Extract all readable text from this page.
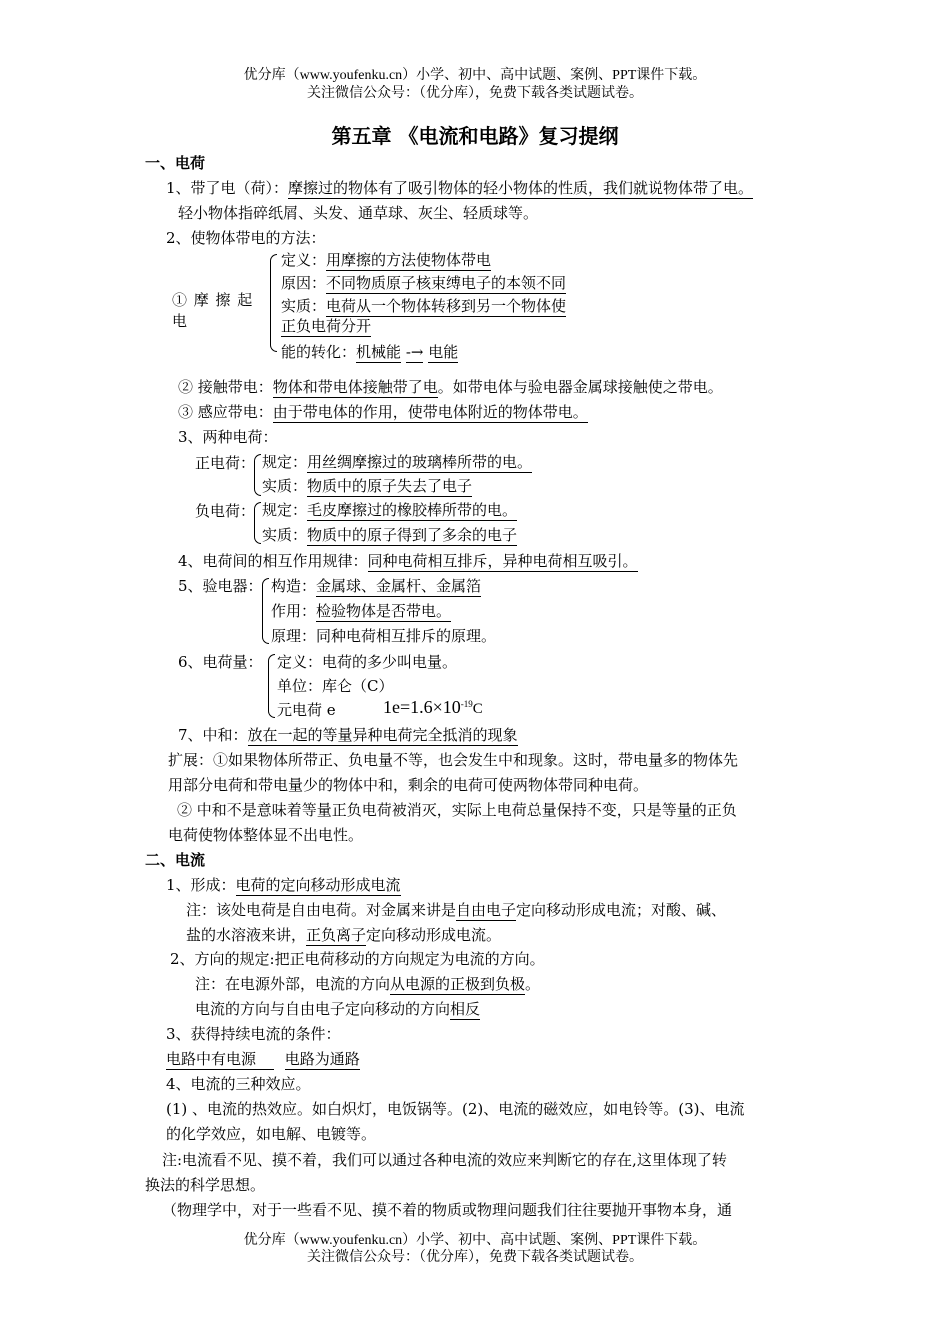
优分库（www.youfenku.cn）小学、初中、高中试题、案例、PPT课件下载。
关注微信公众号：（优分库），免费下载各类试题试卷。
第五章 《电流和电路》复习提纲
一、电荷
1、带了电（荷）：摩擦过的物体有了吸引物体的轻小物体的性质，我们就说物体带了电。
轻小物体指碎纸屑、头发、通草球、灰尘、轻质球等。
2、使物体带电的方法：
① 摩 擦 起
电
定义：用摩擦的方法使物体带电
原因：不同物质原子核束缚电子的本领不同
实质：电荷从一个物体转移到另一个物体使
正负电荷分开
能的转化：机械能 -→ 电能
② 接触带电：物体和带电体接触带了电。如带电体与验电器金属球接触使之带电。
③ 感应带电：由于带电体的作用，使带电体附近的物体带电。
3、两种电荷：
正电荷： 规定：用丝绸摩擦过的玻璃棒所带的电。
实质：物质中的原子失去了电子
负电荷： 规定：毛皮摩擦过的橡胶棒所带的电。
实质：物质中的原子得到了多余的电子
4、电荷间的相互作用规律：同种电荷相互排斥，异种电荷相互吸引。
5、验电器： 构造：金属球、金属杆、金属箔
作用：检验物体是否带电。
原理：同种电荷相互排斥的原理。
6、电荷量： 定义：电荷的多少叫电量。
单位：库仑（C）
元电荷 e	$1e=1.6\times 10^{-19}C$
7、中和：放在一起的等量异种电荷完全抵消的现象
扩展：①如果物体所带正、负电量不等，也会发生中和现象。这时，带电量多的物体先
用部分电荷和带电量少的物体中和，剩余的电荷可使两物体带同种电荷。
② 中和不是意味着等量正负电荷被消灭，实际上电荷总量保持不变，只是等量的正负
电荷使物体整体显不出电性。
二、电流
1、形成：电荷的定向移动形成电流
注：该处电荷是自由电荷。对金属来讲是自由电子定向移动形成电流；对酸、碱、
盐的水溶液来讲，正负离子定向移动形成电流。
2、方向的规定:把正电荷移动的方向规定为电流的方向。
注：在电源外部，电流的方向从电源的正极到负极。
电流的方向与自由电子定向移动的方向相反
3、获得持续电流的条件：
电路中有电源 电路为通路
4、电流的三种效应。
(1) 、电流的热效应。如白炽灯，电饭锅等。(2)、电流的磁效应，如电铃等。(3)、电流
的化学效应，如电解、电镀等。
注:电流看不见、摸不着，我们可以通过各种电流的效应来判断它的存在,这里体现了转
换法的科学思想。
（物理学中，对于一些看不见、摸不着的物质或物理问题我们往往要抛开事物本身，通
优分库（www.youfenku.cn）小学、初中、高中试题、案例、PPT课件下载。
关注微信公众号：（优分库），免费下载各类试题试卷。
